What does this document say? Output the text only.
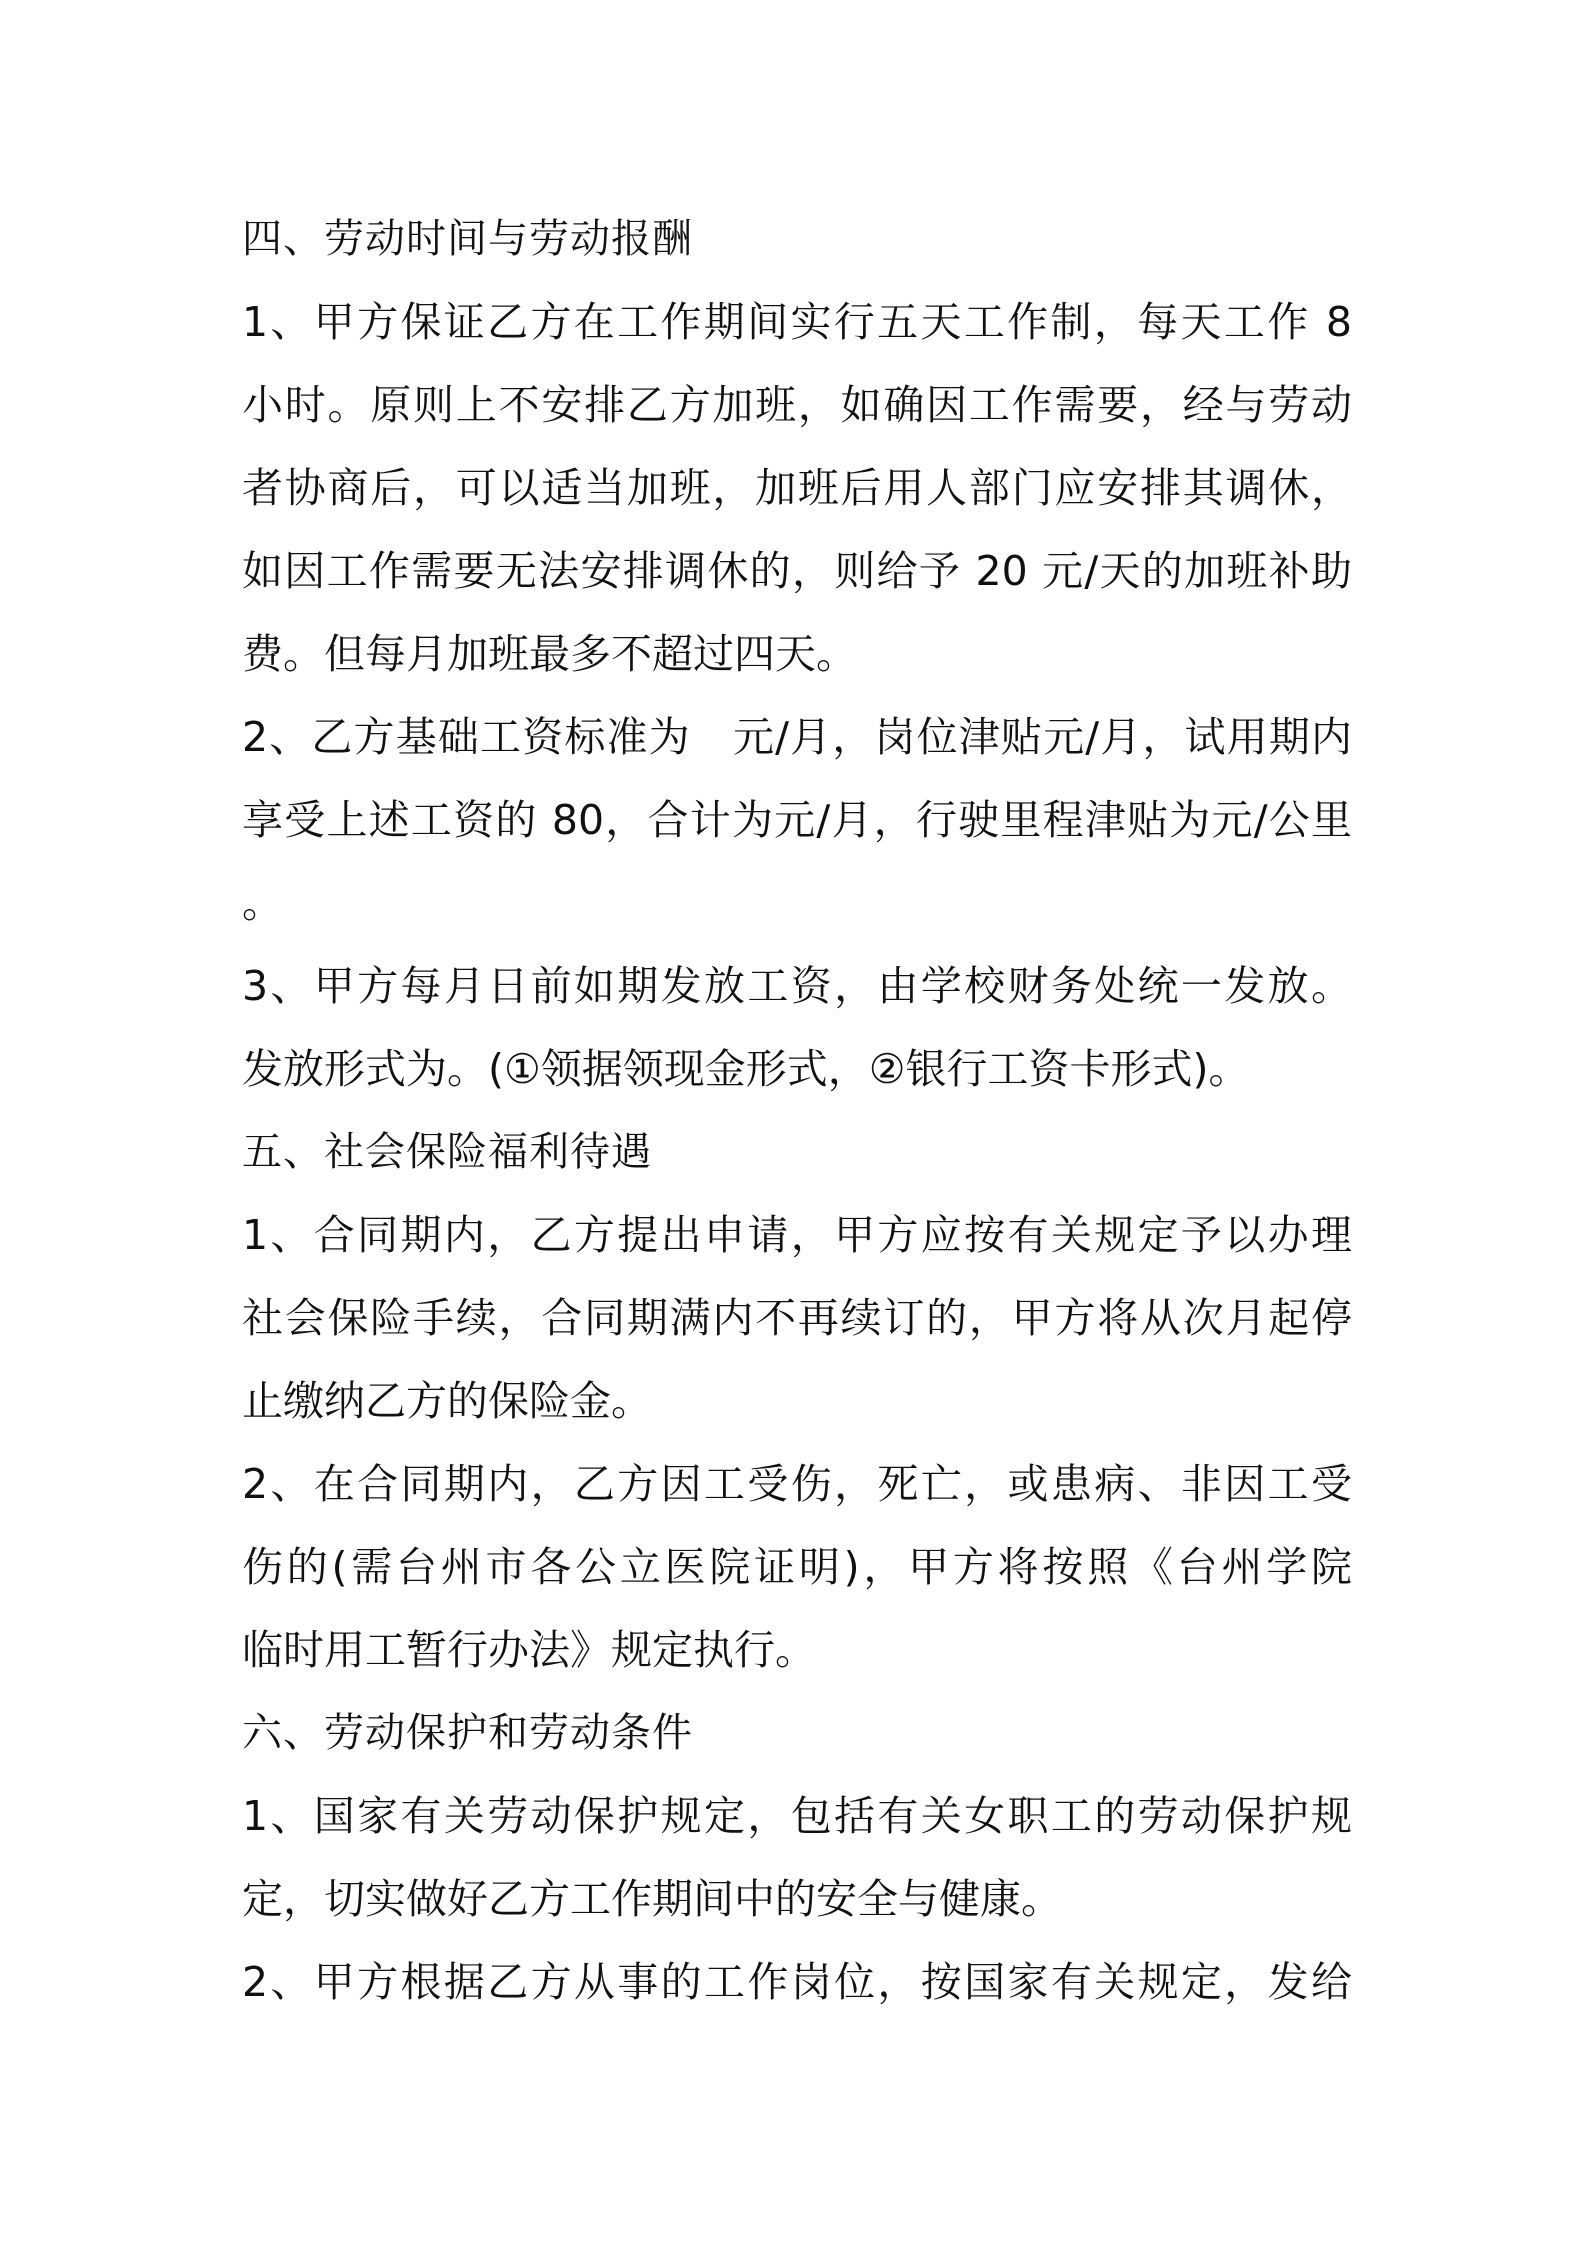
四、劳动时间与劳动报酬
1、甲方保证乙方在工作期间实行五天工作制，每天工作 8
小时。原则上不安排乙方加班，如确因工作需要，经与劳动
者协商后，可以适当加班，加班后用人部门应安排其调休，
如因工作需要无法安排调休的，则给予 20 元/天的加班补助
费。但每月加班最多不超过四天。
2、乙方基础工资标准为　元/月，岗位津贴元/月，试用期内
享受上述工资的 80，合计为元/月，行驶里程津贴为元/公里
。
3、甲方每月日前如期发放工资，由学校财务处统一发放。
发放形式为。(①领据领现金形式，②银行工资卡形式)。
五、社会保险福利待遇
1、合同期内，乙方提出申请，甲方应按有关规定予以办理
社会保险手续，合同期满内不再续订的，甲方将从次月起停
止缴纳乙方的保险金。
2、在合同期内，乙方因工受伤，死亡，或患病、非因工受
伤的(需台州市各公立医院证明)，甲方将按照《台州学院
临时用工暂行办法》规定执行。
六、劳动保护和劳动条件
1、国家有关劳动保护规定，包括有关女职工的劳动保护规
定，切实做好乙方工作期间中的安全与健康。
2、甲方根据乙方从事的工作岗位，按国家有关规定，发给
